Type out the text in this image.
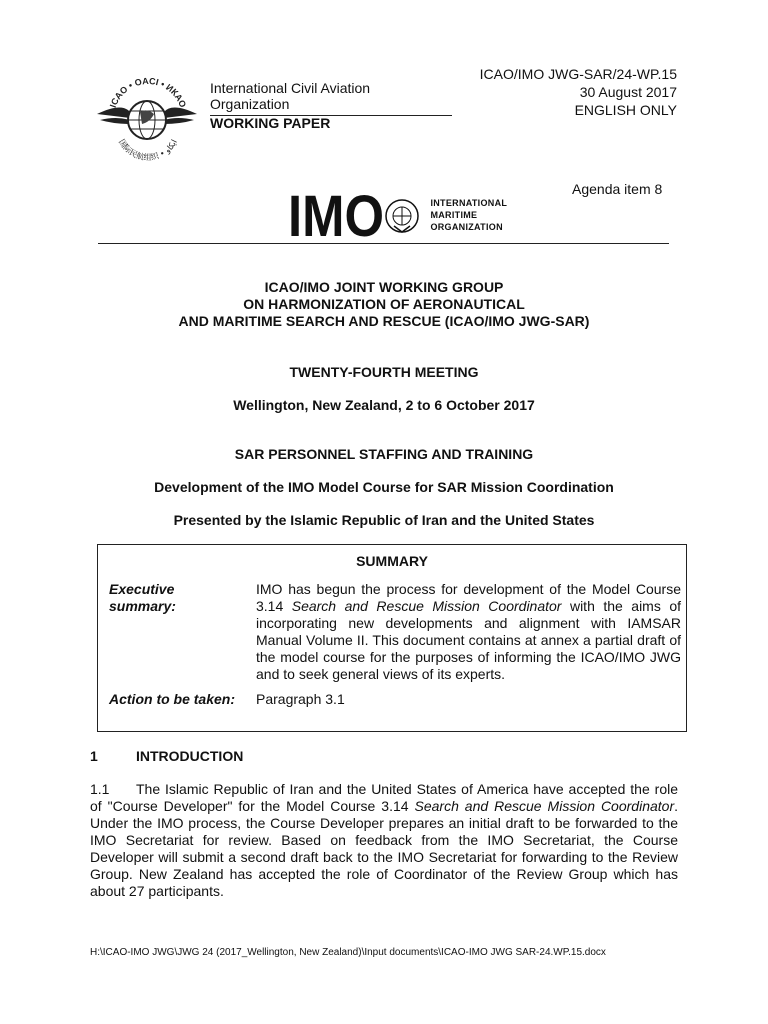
ICAO • OACI • ИКАО
国际民航组织 • ايكاو
International Civil Aviation Organization
WORKING PAPER
ICAO/IMO JWG-SAR/24-WP.15
30 August 2017
ENGLISH ONLY
Agenda item 8
IMO
	INTERNATIONAL
MARITIME
ORGANIZATION
ICAO/IMO JOINT WORKING GROUP
ON HARMONIZATION OF AERONAUTICAL
AND MARITIME SEARCH AND RESCUE (ICAO/IMO JWG-SAR)
TWENTY-FOURTH MEETING
Wellington, New Zealand, 2 to 6 October 2017
SAR PERSONNEL STAFFING AND TRAINING
Development of the IMO Model Course for SAR Mission Coordination
Presented by the Islamic Republic of Iran and the United States
SUMMARY
Executive
summary:
IMO has begun the process for development of the Model Course 3.14 Search and Rescue Mission Coordinator with the aims of incorporating new developments and alignment with IAMSAR Manual Volume II. This document contains at annex a partial draft of the model course for the purposes of informing the ICAO/IMO JWG and to seek general views of its experts.
Action to be taken: Paragraph 3.1
1	INTRODUCTION
1.1 The Islamic Republic of Iran and the United States of America have accepted the role of "Course Developer" for the Model Course 3.14 Search and Rescue Mission Coordinator. Under the IMO process, the Course Developer prepares an initial draft to be forwarded to the IMO Secretariat for review. Based on feedback from the IMO Secretariat, the Course Developer will submit a second draft back to the IMO Secretariat for forwarding to the Review Group. New Zealand has accepted the role of Coordinator of the Review Group which has about 27 participants.
H:\ICAO-IMO JWG\JWG 24 (2017_Wellington, New Zealand)\Input documents\ICAO-IMO JWG SAR-24.WP.15.docx
